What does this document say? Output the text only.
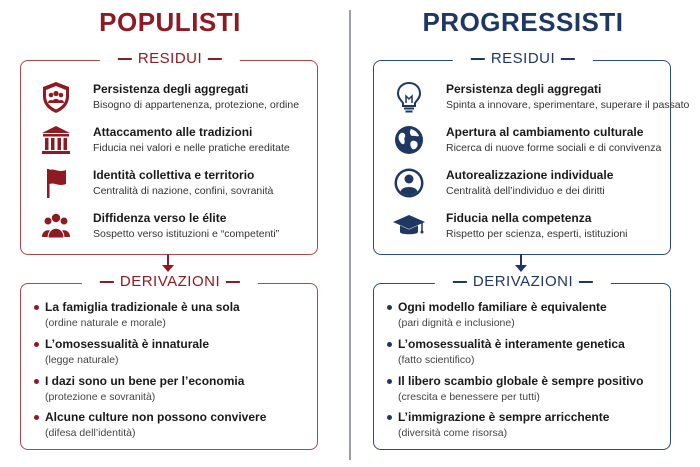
POPULISTI
Persistenza degli aggregati
Bisogno di appartenenza, protezione, ordine
Attaccamento alle tradizioni
Fiducia nei valori e nelle pratiche ereditate
Identità collettiva e territorio
Centralità di nazione, confini, sovranità
Diffidenza verso le élite
Sospetto verso istituzioni e “competenti”
RESIDUI
La famiglia tradizionale è una sola
(ordine naturale e morale)
L’omosessualità è innaturale
(legge naturale)
I dazi sono un bene per l’economia
(protezione e sovranità)
Alcune culture non possono convivere
(difesa dell’identità)
DERIVAZIONI
PROGRESSISTI
Persistenza degli aggregati
Spinta a innovare, sperimentare, superare il passato
Apertura al cambiamento culturale
Ricerca di nuove forme sociali e di convivenza
Autorealizzazione individuale
Centralità dell’individuo e dei diritti
Fiducia nella competenza
Rispetto per scienza, esperti, istituzioni
RESIDUI
Ogni modello familiare è equivalente
(pari dignità e inclusione)
L’omosessualità è interamente genetica
(fatto scientifico)
Il libero scambio globale è sempre positivo
(crescita e benessere per tutti)
L’immigrazione è sempre arricchente
(diversità come risorsa)
DERIVAZIONI
